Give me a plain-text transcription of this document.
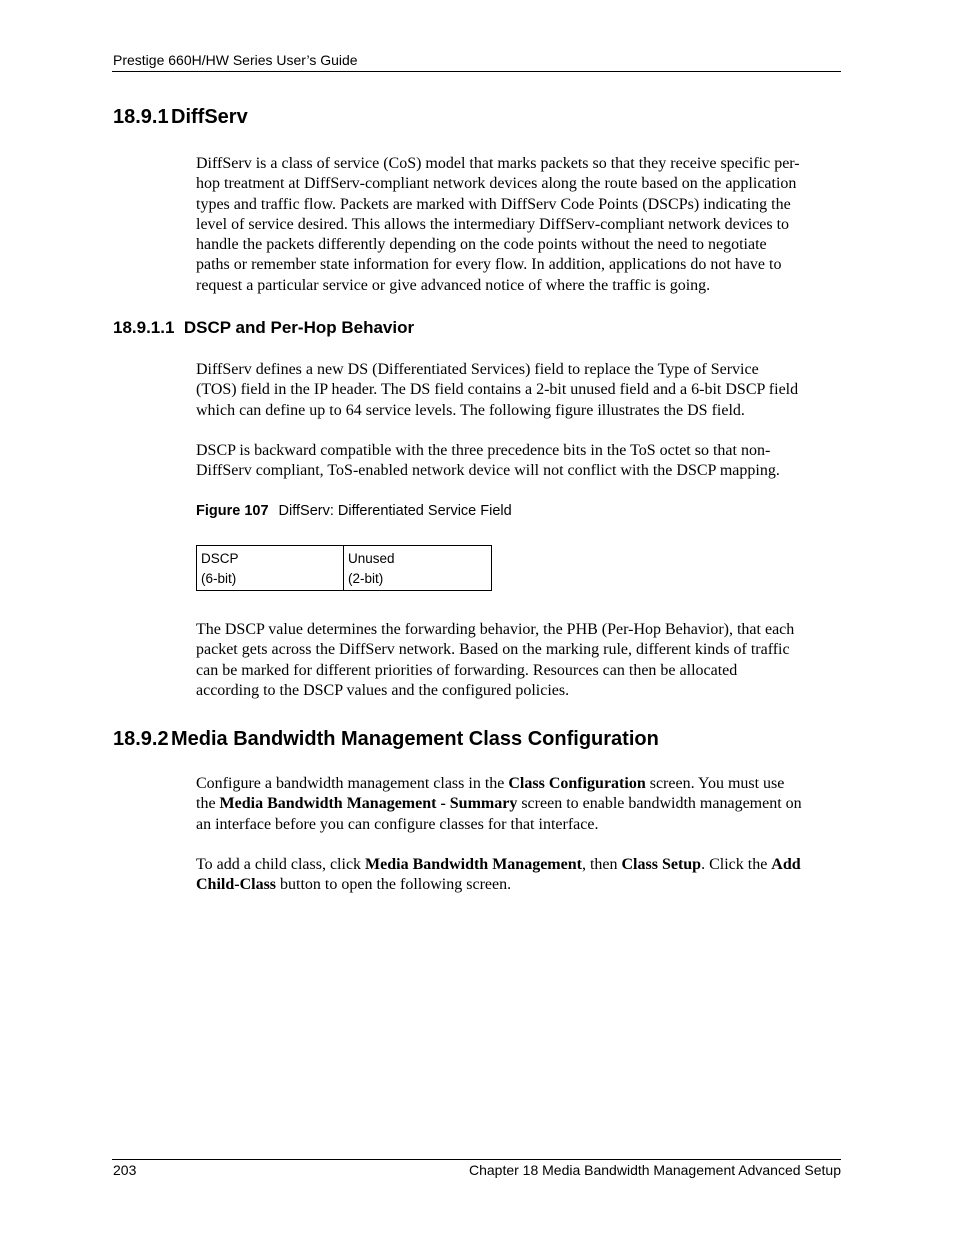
Prestige 660H/HW Series User’s Guide
18.9.1 DiffServ
DiffServ is a class of service (CoS) model that marks packets so that they receive specific per-
hop treatment at DiffServ-compliant network devices along the route based on the application
types and traffic flow. Packets are marked with DiffServ Code Points (DSCPs) indicating the
level of service desired. This allows the intermediary DiffServ-compliant network devices to
handle the packets differently depending on the code points without the need to negotiate
paths or remember state information for every flow. In addition, applications do not have to
request a particular service or give advanced notice of where the traffic is going.
18.9.1.1 DSCP and Per-Hop Behavior
DiffServ defines a new DS (Differentiated Services) field to replace the Type of Service
(TOS) field in the IP header. The DS field contains a 2-bit unused field and a 6-bit DSCP field
which can define up to 64 service levels. The following figure illustrates the DS field.
DSCP is backward compatible with the three precedence bits in the ToS octet so that non-
DiffServ compliant, ToS-enabled network device will not conflict with the DSCP mapping.
Figure 107 DiffServ: Differentiated Service Field
DSCP
(6-bit)
Unused
(2-bit)
The DSCP value determines the forwarding behavior, the PHB (Per-Hop Behavior), that each
packet gets across the DiffServ network. Based on the marking rule, different kinds of traffic
can be marked for different priorities of forwarding. Resources can then be allocated
according to the DSCP values and the configured policies.
18.9.2 Media Bandwidth Management Class Configuration
Configure a bandwidth management class in the Class Configuration screen. You must use
the Media Bandwidth Management - Summary screen to enable bandwidth management on
an interface before you can configure classes for that interface.
To add a child class, click Media Bandwidth Management, then Class Setup. Click the Add
Child-Class button to open the following screen.
203	Chapter 18 Media Bandwidth Management Advanced Setup
